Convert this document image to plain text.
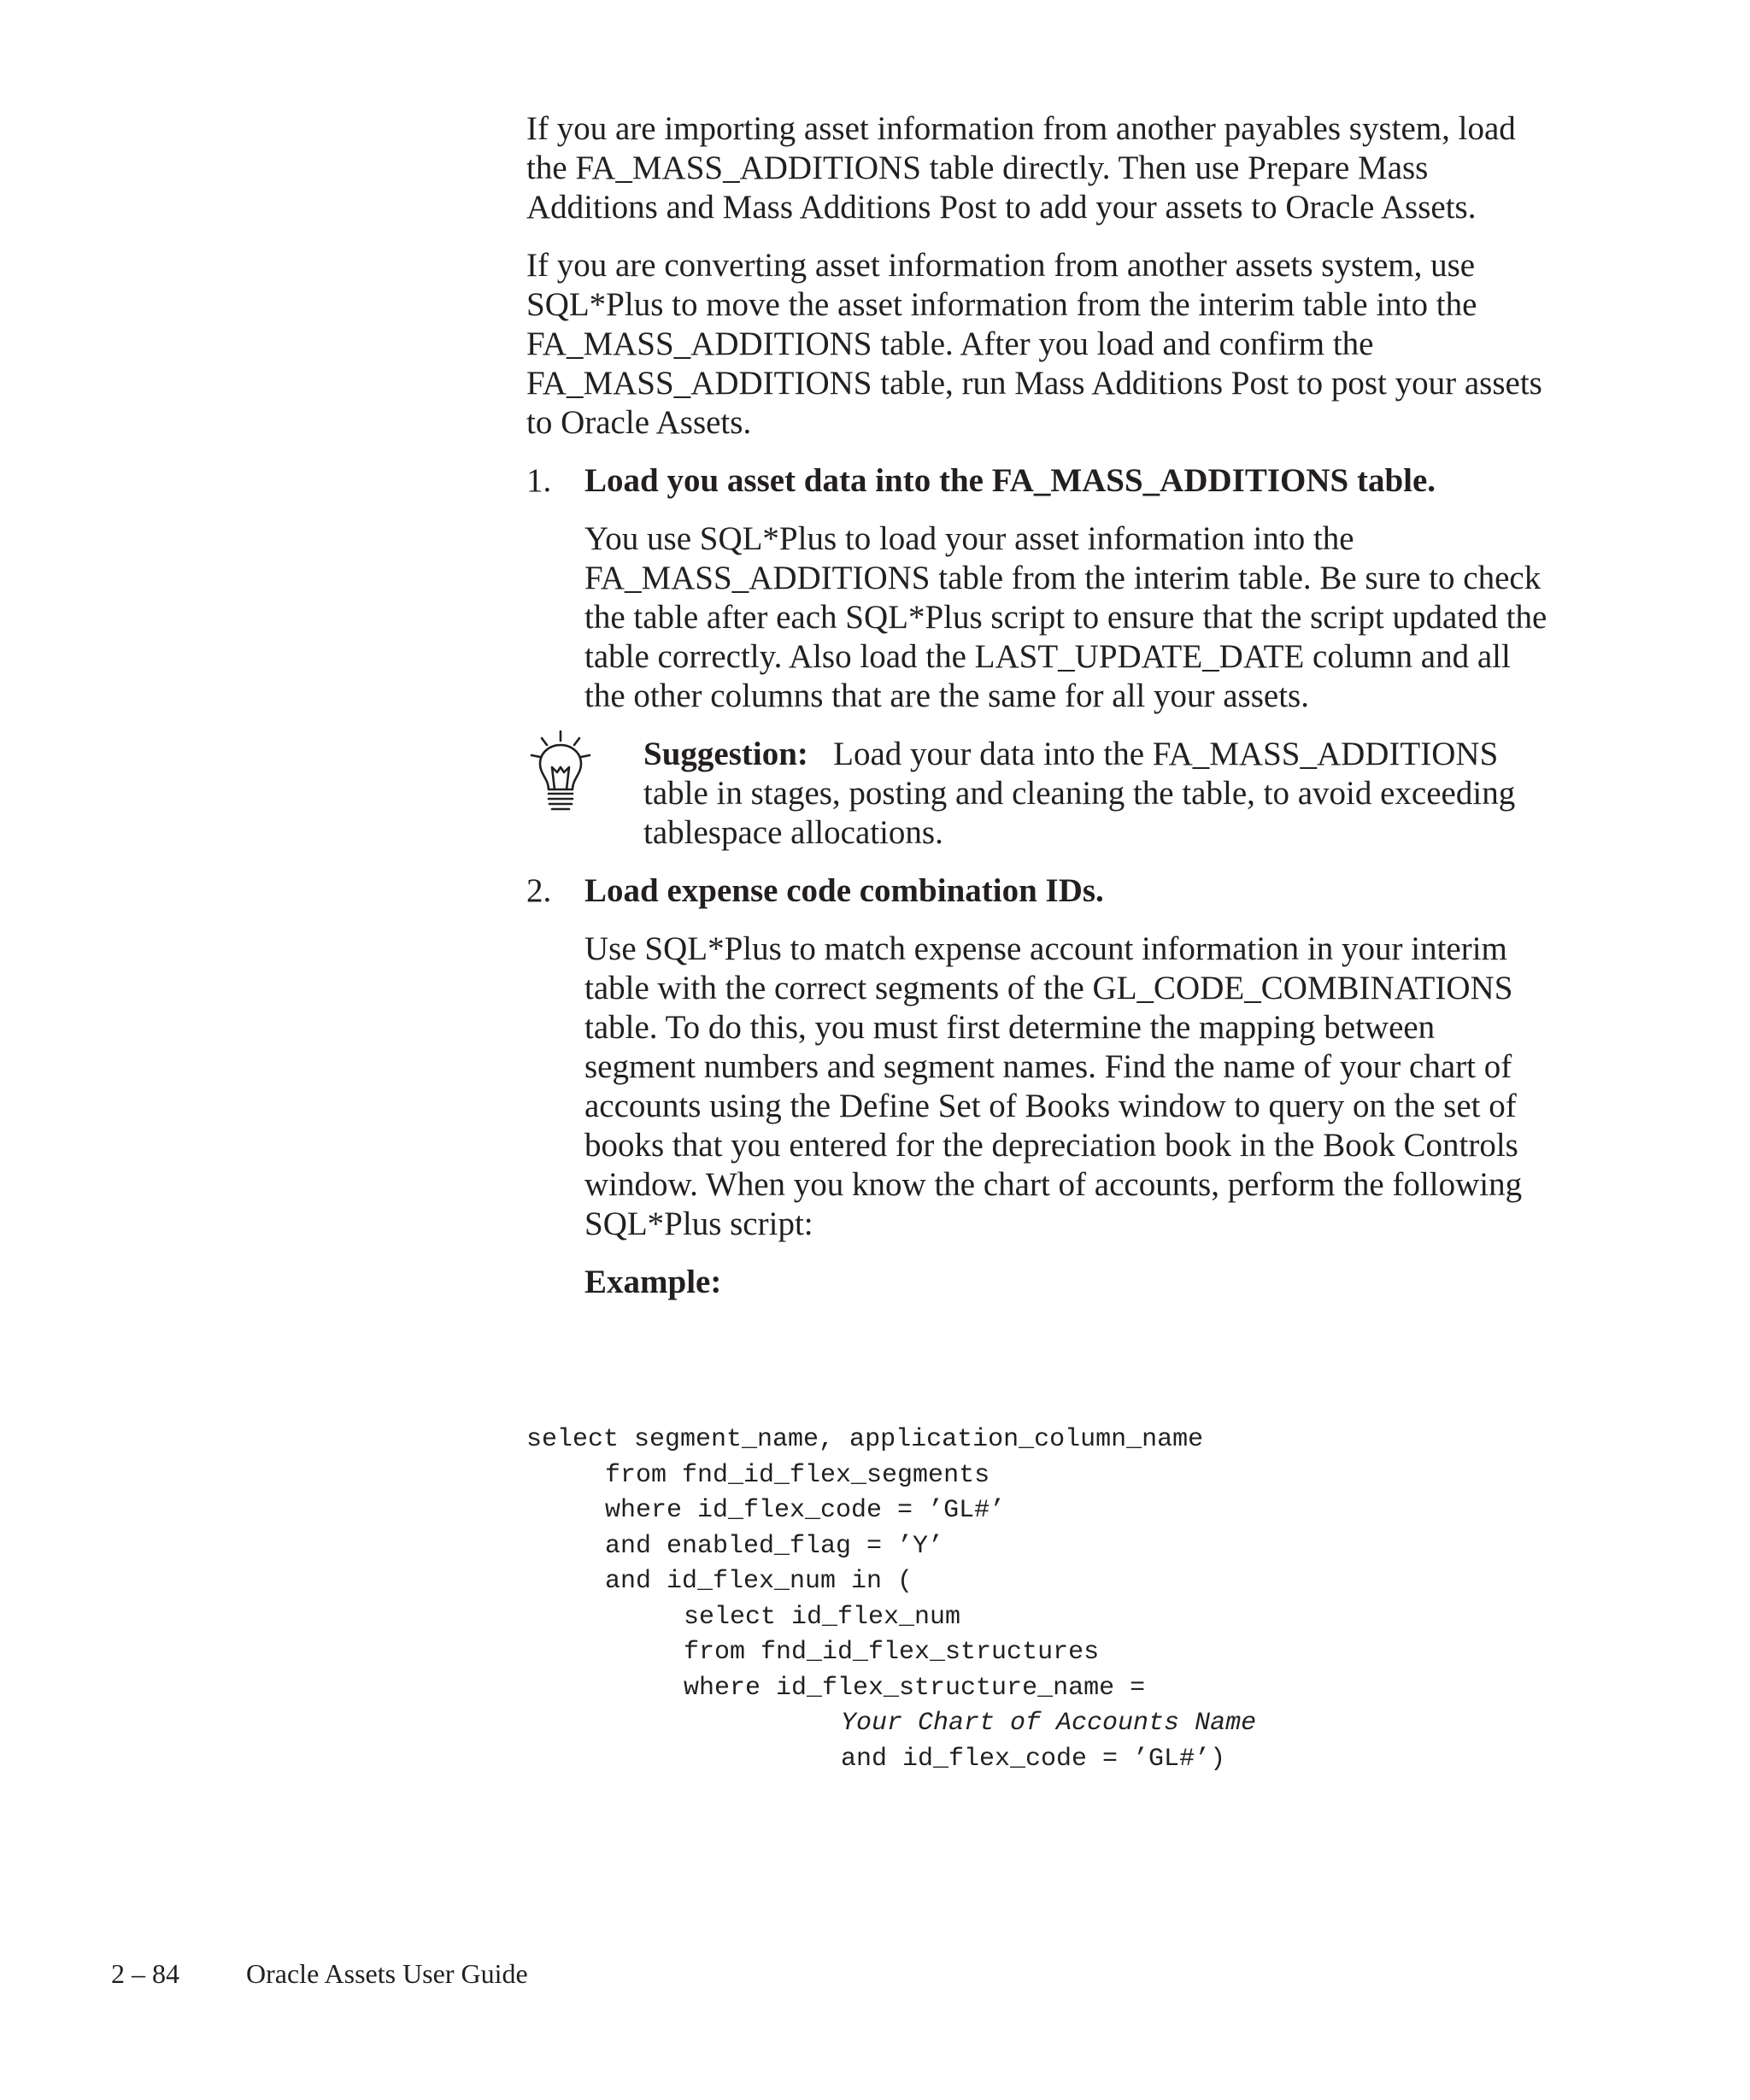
If you are importing asset information from another payables system, load the FA_MASS_ADDITIONS table directly. Then use Prepare Mass Additions and Mass Additions Post to add your assets to Oracle Assets.

If you are converting asset information from another assets system, use SQL*Plus to move the asset information from the interim table into the FA_MASS_ADDITIONS table. After you load and confirm the FA_MASS_ADDITIONS table, run Mass Additions Post to post your assets to Oracle Assets.

1. Load you asset data into the FA_MASS_ADDITIONS table.
You use SQL*Plus to load your asset information into the FA_MASS_ADDITIONS table from the interim table. Be sure to check the table after each SQL*Plus script to ensure that the script updated the table correctly. Also load the LAST_UPDATE_DATE column and all the other columns that are the same for all your assets.
Suggestion: Load your data into the FA_MASS_ADDITIONS table in stages, posting and cleaning the table, to avoid exceeding tablespace allocations.
2. Load expense code combination IDs.
Use SQL*Plus to match expense account information in your interim table with the correct segments of the GL_CODE_COMBINATIONS table. To do this, you must first determine the mapping between segment numbers and segment names. Find the name of your chart of accounts using the Define Set of Books window to query on the set of books that you entered for the depreciation book in the Book Controls window. When you know the chart of accounts, perform the following SQL*Plus script:
Example:
select segment_name, application_column_name
from fnd_id_flex_segments
where id_flex_code = ’GL#’
and enabled_flag = ’Y’
and id_flex_num in (
select id_flex_num
from fnd_id_flex_structures
where id_flex_structure_name =
Your Chart of Accounts Name
and id_flex_code = ’GL#’)
2 – 84 Oracle Assets User Guide
